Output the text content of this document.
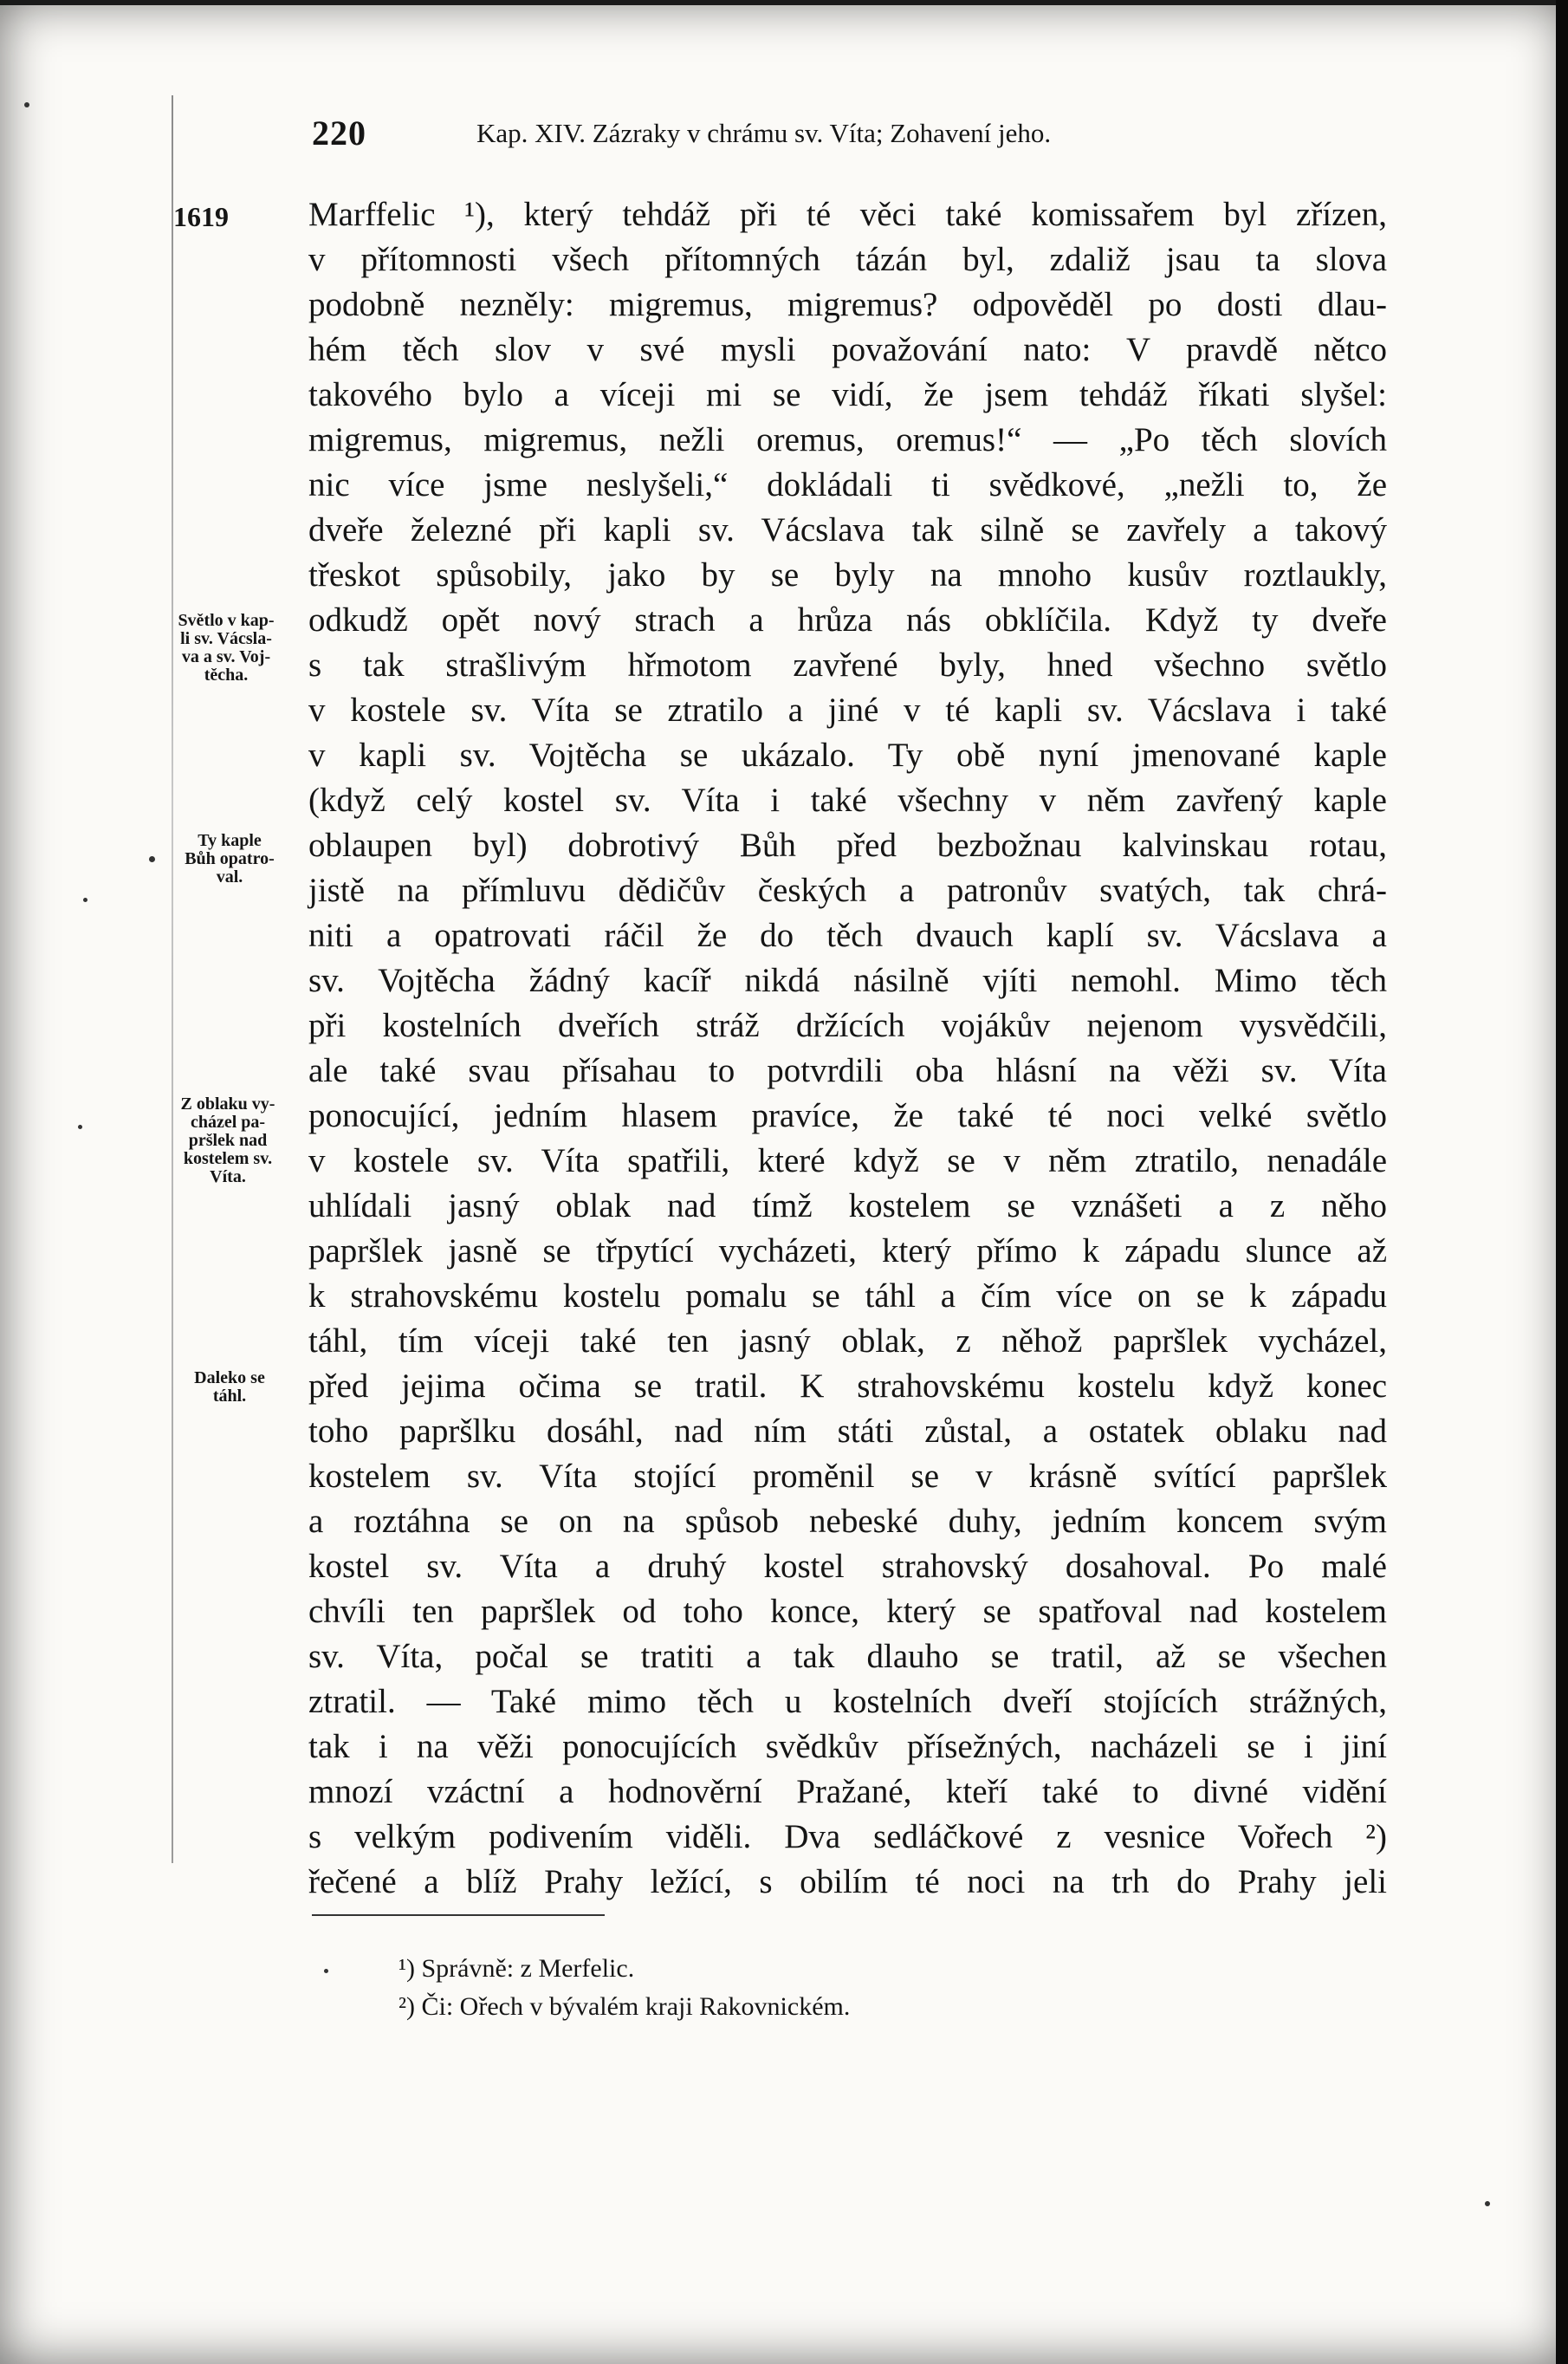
220	Kap. XIV. Zázraky v chrámu sv. Víta; Zohavení jeho.
1619 Marffelic ¹), který tehdáž při té věci také komissařem byl zřízen,
v přítomnosti všech přítomných tázán byl, zdaliž jsau ta slova
podobně nezněly: migremus, migremus? odpověděl po dosti dlau-
hém těch slov v své mysli považování nato: V pravdě nětco
takového bylo a víceji mi se vidí, že jsem tehdáž říkati slyšel:
migremus, migremus, nežli oremus, oremus!“ — „Po těch slovích
nic více jsme neslyšeli,“ dokládali ti svědkové, „nežli to, že
dveře železné při kapli sv. Vácslava tak silně se zavřely a takový
třeskot spůsobily, jako by se byly na mnoho kusův roztlaukly,
odkudž opět nový strach a hrůza nás obklíčila. Když ty dveře
s tak strašlivým hřmotom zavřené byly, hned všechno světlo
v kostele sv. Víta se ztratilo a jiné v té kapli sv. Vácslava i také
v kapli sv. Vojtěcha se ukázalo. Ty obě nyní jmenované kaple
(když celý kostel sv. Víta i také všechny v něm zavřený kaple
oblaupen byl) dobrotivý Bůh před bezbožnau kalvinskau rotau,
jistě na přímluvu dědičův českých a patronův svatých, tak chrá-
niti a opatrovati ráčil že do těch dvauch kaplí sv. Vácslava a
sv. Vojtěcha žádný kacíř nikdá násilně vjíti nemohl. Mimo těch
při kostelních dveřích stráž držících vojákův nejenom vysvědčili,
ale také svau přísahau to potvrdili oba hlásní na věži sv. Víta
ponocující, jedním hlasem pravíce, že také té noci velké světlo
v kostele sv. Víta spatřili, které když se v něm ztratilo, nenadále
uhlídali jasný oblak nad tímž kostelem se vznášeti a z něho
papršlek jasně se třpytící vycházeti, který přímo k západu slunce až
k strahovskému kostelu pomalu se táhl a čím více on se k západu
táhl, tím víceji také ten jasný oblak, z něhož papršlek vycházel,
před jejima očima se tratil. K strahovskému kostelu když konec
toho papršlku dosáhl, nad ním státi zůstal, a ostatek oblaku nad
kostelem sv. Víta stojící proměnil se v krásně svítící papršlek
a roztáhna se on na spůsob nebeské duhy, jedním koncem svým
kostel sv. Víta a druhý kostel strahovský dosahoval. Po malé
chvíli ten papršlek od toho konce, který se spatřoval nad kostelem
sv. Víta, počal se tratiti a tak dlauho se tratil, až se všechen
ztratil. — Také mimo těch u kostelních dveří stojících strážných,
tak i na věži ponocujících svědkův přísežných, nacházeli se i jiní
mnozí vzáctní a hodnověrní Pražané, kteří také to divné vidění
s velkým podivením viděli. Dva sedláčkové z vesnice Vořech ²)
řečené a blíž Prahy ležící, s obilím té noci na trh do Prahy jeli
Světlo v kap-
li sv. Vácsla-
va a sv. Voj-
těcha.
Ty kaple
Bůh opatro-
val.
Z oblaku vy-
cházel pa-
pršlek nad
kostelem sv.
Víta.
Daleko se
táhl.
¹) Správně: z Merfelic.
²) Či: Ořech v bývalém kraji Rakovnickém.
